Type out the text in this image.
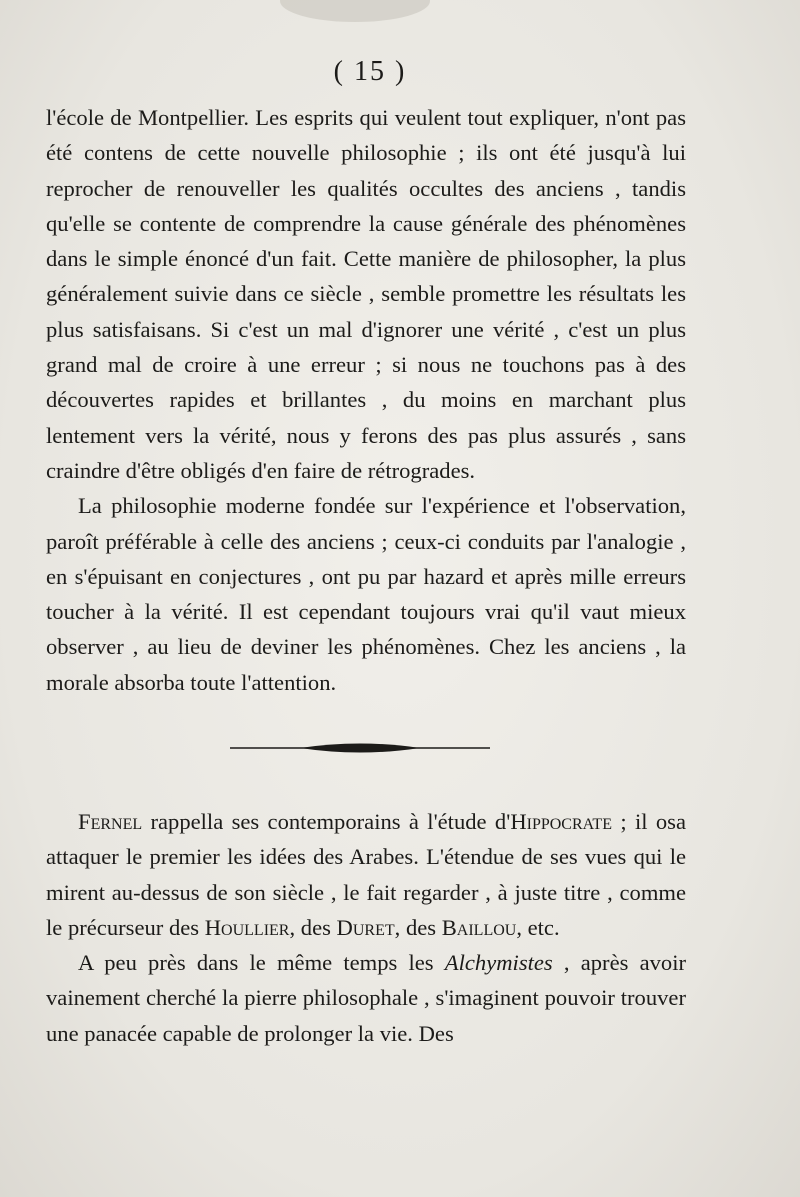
( 15 )

l'école de Montpellier. Les esprits qui veulent tout expliquer, n'ont pas été contens de cette nouvelle philosophie ; ils ont été jusqu'à lui reprocher de renouveller les qualités occultes des anciens , tandis qu'elle se contente de comprendre la cause générale des phénomènes dans le simple énoncé d'un fait. Cette manière de philosopher, la plus généralement suivie dans ce siècle , semble promettre les résultats les plus satisfaisans. Si c'est un mal d'ignorer une vérité , c'est un plus grand mal de croire à une erreur ; si nous ne touchons pas à des découvertes rapides et brillantes , du moins en marchant plus lentement vers la vérité, nous y ferons des pas plus assurés , sans craindre d'être obligés d'en faire de rétrogrades.

La philosophie moderne fondée sur l'expérience et l'observation, paroît préférable à celle des anciens ; ceux-ci conduits par l'analogie , en s'épuisant en conjectures , ont pu par hazard et après mille erreurs toucher à la vérité. Il est cependant toujours vrai qu'il vaut mieux observer , au lieu de deviner les phénomènes. Chez les anciens , la morale absorba toute l'attention.

Fernel rappella ses contemporains à l'étude d'Hippocrate ; il osa attaquer le premier les idées des Arabes. L'étendue de ses vues qui le mirent au-dessus de son siècle , le fait regarder , à juste titre , comme le précurseur des Houllier, des Duret, des Baillou, etc.

A peu près dans le même temps les Alchymistes , après avoir vainement cherché la pierre philosophale , s'imaginent pouvoir trouver une panacée capable de prolonger la vie. Des
